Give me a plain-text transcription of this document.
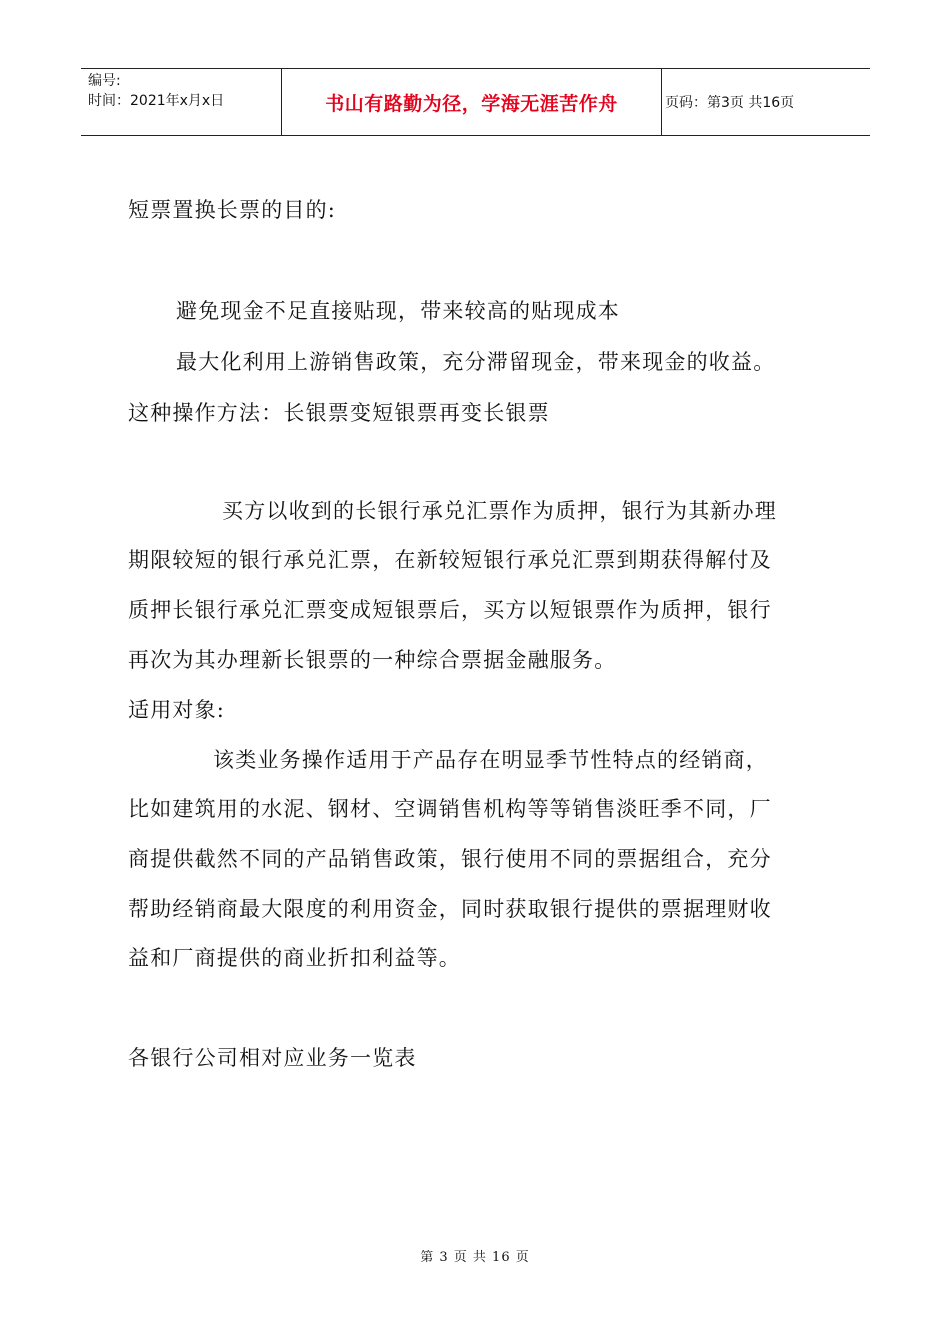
编号:
时间：2021年x月x日	书山有路勤为径，学海无涯苦作舟	页码：第3页 共16页
短票置换长票的目的:
避免现金不足直接贴现，带来较高的贴现成本
最大化利用上游销售政策，充分滞留现金，带来现金的收益。
这种操作方法：长银票变短银票再变长银票
买方以收到的长银行承兑汇票作为质押，银行为其新办理
期限较短的银行承兑汇票，在新较短银行承兑汇票到期获得解付及
质押长银行承兑汇票变成短银票后，买方以短银票作为质押，银行
再次为其办理新长银票的一种综合票据金融服务。
适用对象:
该类业务操作适用于产品存在明显季节性特点的经销商，
比如建筑用的水泥、钢材、空调销售机构等等销售淡旺季不同，厂
商提供截然不同的产品销售政策，银行使用不同的票据组合，充分
帮助经销商最大限度的利用资金，同时获取银行提供的票据理财收
益和厂商提供的商业折扣利益等。
各银行公司相对应业务一览表
第 3 页 共 16 页
